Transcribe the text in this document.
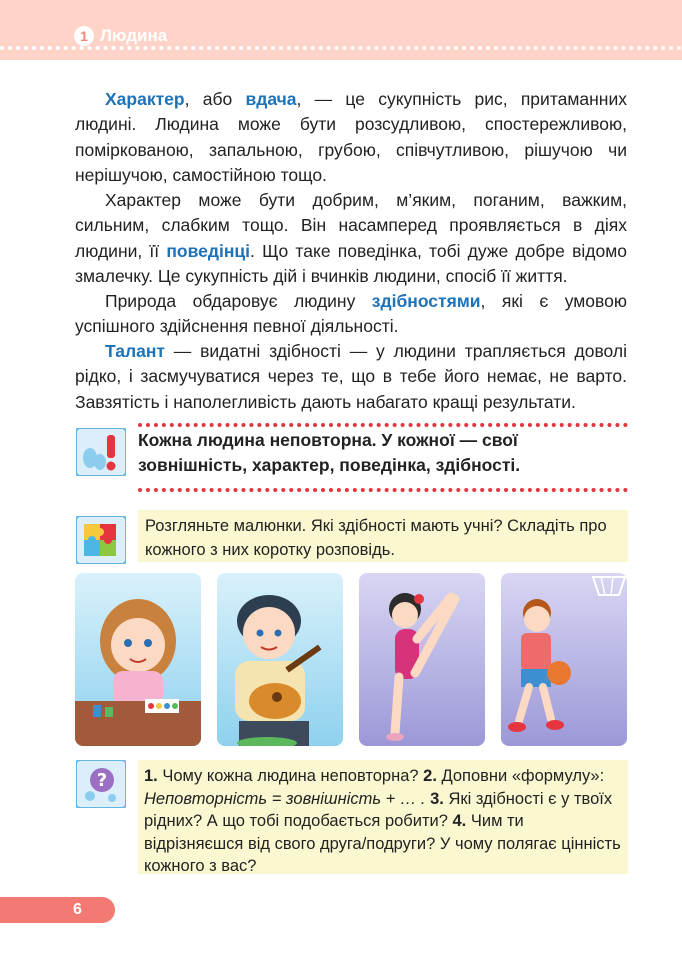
1 Людина

Характер, або вдача, — це сукупність рис, притаманних людині. Людина може бути розсудливою, спостережливою, поміркованою, запальною, грубою, співчутливою, рішучою чи нерішучою, самостійною тощо.

Характер може бути добрим, м’яким, поганим, важким, сильним, слабким тощо. Він насамперед проявляється в діях людини, її поведінці. Що таке поведінка, тобі дуже добре відомо змалечку. Це сукупність дій і вчинків людини, спосіб її життя.

Природа обдаровує людину здібностями, які є умовою успішного здійснення певної діяльності.

Талант — видатні здібності — у людини трапляється доволі рідко, і засмучуватися через те, що в тебе його немає, не варто. Завзятість і наполегливість дають набагато кращі результати.

Кожна людина неповторна. У кожної — свої зовнішність, характер, поведінка, здібності.
Розгляньте малюнки. Які здібності мають учні? Складіть про кожного з них коротку розповідь.
? 1. Чому кожна людина неповторна? 2. Доповни «формулу»: Неповторність = зовнішність + … . 3. Які здібності є у твоїх рідних? А що тобі подобається робити? 4. Чим ти відрізняєшся від свого друга/подруги? У чому полягає цінність кожного з вас?
6
